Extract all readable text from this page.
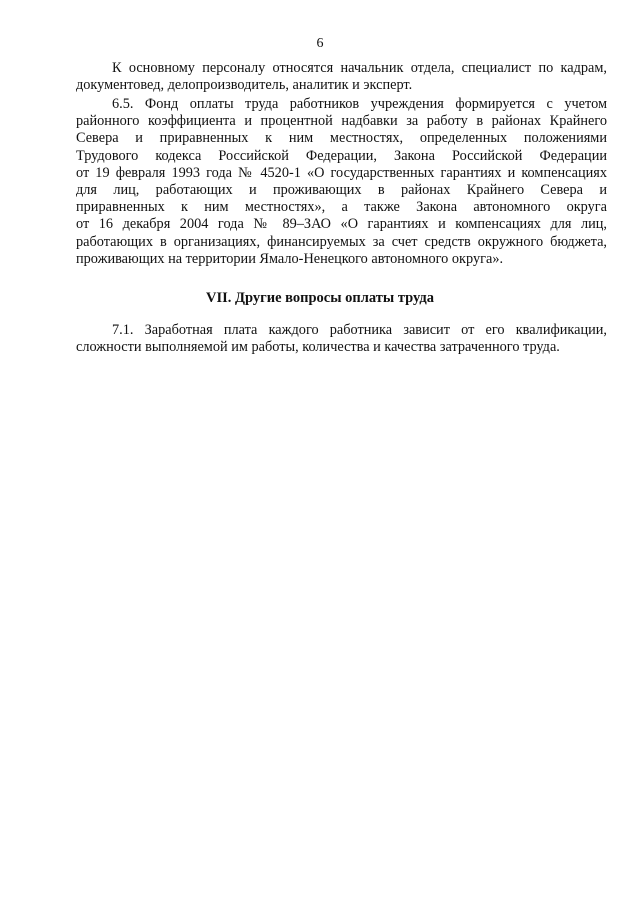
6
К основному персоналу относятся начальник отдела, специалист по кадрам,
документовед, делопроизводитель, аналитик и эксперт.
6.5. Фонд оплаты труда работников учреждения формируется с учетом
районного коэффициента и процентной надбавки за работу в районах Крайнего
Севера и приравненных к ним местностях, определенных положениями
Трудового кодекса Российской Федерации, Закона Российской Федерации
от 19 февраля 1993 года № 4520-1 «О государственных гарантиях и компенсациях
для лиц, работающих и проживающих в районах Крайнего Севера и
приравненных к ним местностях», а также Закона автономного округа
от 16 декабря 2004 года № 89–ЗАО «О гарантиях и компенсациях для лиц,
работающих в организациях, финансируемых за счет средств окружного бюджета,
проживающих на территории Ямало-Ненецкого автономного округа».
VII. Другие вопросы оплаты труда
7.1. Заработная плата каждого работника зависит от его квалификации,
сложности выполняемой им работы, количества и качества затраченного труда.
